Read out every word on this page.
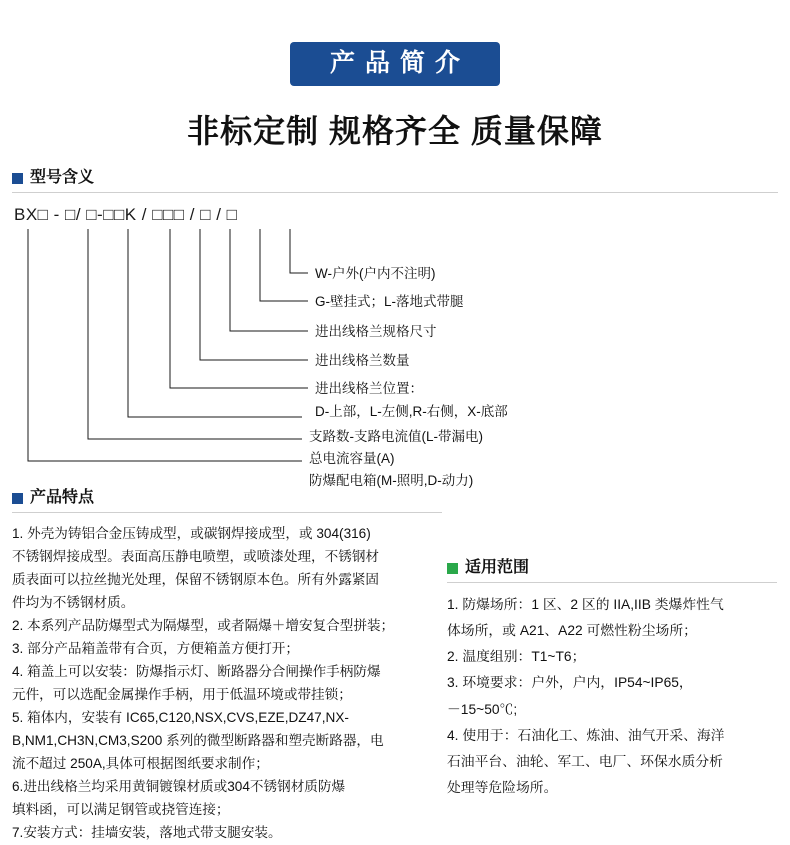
产品简介
非标定制 规格齐全 质量保障
型号含义
BX□ - □/ □-□□K / □□□ / □ / □
W-户外(户内不注明)
G-壁挂式；L-落地式带腿
进出线格兰规格尺寸
进出线格兰数量
进出线格兰位置：
D-上部，L-左侧,R-右侧，X-底部
支路数-支路电流值(L-带漏电)
总电流容量(A)
防爆配电箱(M-照明,D-动力)
产品特点

1. 外壳为铸铝合金压铸成型，或碳钢焊接成型，或 304(316)

不锈钢焊接成型。表面高压静电喷塑，或喷漆处理，不锈钢材

质表面可以拉丝抛光处理，保留不锈钢原本色。所有外露紧固

件均为不锈钢材质。

2. 本系列产品防爆型式为隔爆型，或者隔爆＋增安复合型拼装；

3. 部分产品箱盖带有合页，方便箱盖方便打开；

4. 箱盖上可以安装：防爆指示灯、断路器分合闸操作手柄防爆

元件，可以选配金属操作手柄，用于低温环境或带挂锁；

5. 箱体内，安装有 IC65,C120,NSX,CVS,EZE,DZ47,NX-

B,NM1,CH3N,CM3,S200 系列的微型断路器和塑壳断路器，电

流不超过 250A,具体可根据图纸要求制作；

6.进出线格兰均采用黄铜镀镍材质或304不锈钢材质防爆

填料函，可以满足钢管或挠管连接；

7.安装方式：挂墙安装，落地式带支腿安装。

适用范围

1. 防爆场所：1 区、2 区的 IIA,IIB 类爆炸性气

体场所，或 A21、A22 可燃性粉尘场所；

2. 温度组别：T1~T6；

3. 环境要求：户外，户内，IP54~IP65，

－15~50℃;

4. 使用于：石油化工、炼油、油气开采、海洋

石油平台、油轮、军工、电厂、环保水质分析

处理等危险场所。
